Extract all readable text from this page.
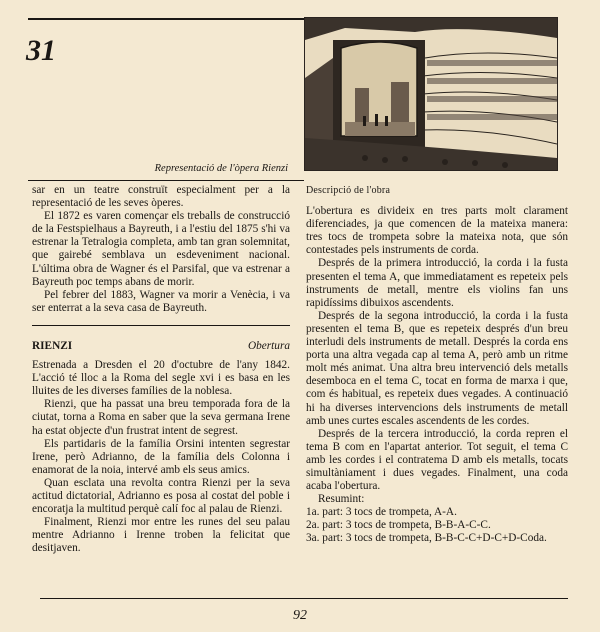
31
Representació de l'òpera Rienzi

sar en un teatre construït especialment per a la representació de les seves òperes.

El 1872 es varen començar els treballs de construcció de la Festspielhaus a Bayreuth, i a l'estiu del 1875 s'hi va estrenar la Tetralogia completa, amb tan gran solemnitat, que gairebé semblava un esdeveniment nacional. L'última obra de Wagner és el Parsifal, que va estrenar a Bayreuth poc temps abans de morir.

Pel febrer del 1883, Wagner va morir a Venècia, i va ser enterrat a la seva casa de Bayreuth.

RIENZI	Obertura

Estrenada a Dresden el 20 d'octubre de l'any 1842. L'acció té lloc a la Roma del segle xvi i es basa en les lluites de les diverses famílies de la noblesa.

Rienzi, que ha passat una breu temporada fora de la ciutat, torna a Roma en saber que la seva germana Irene ha estat objecte d'un frustrat intent de segrest.

Els partidaris de la família Orsini intenten segrestar Irene, però Adrianno, de la família dels Colonna i enamorat de la noia, intervé amb els seus amics.

Quan esclata una revolta contra Rienzi per la seva actitud dictatorial, Adrianno es posa al costat del poble i encoratja la multitud perquè calí foc al palau de Rienzi.

Finalment, Rienzi mor entre les runes del seu palau mentre Adrianno i Irenne troben la felicitat que desitjaven.

Descripció de l'obra

L'obertura es divideix en tres parts molt clarament diferenciades, ja que comencen de la mateixa manera: tres tocs de trompeta sobre la mateixa nota, que són contestades pels instruments de corda.

Després de la primera introducció, la corda i la fusta presenten el tema A, que immediatament es repeteix pels instruments de metall, mentre els violins fan uns rapidíssims dibuixos ascendents.

Després de la segona introducció, la corda i la fusta presenten el tema B, que es repeteix després d'un breu interludi dels instruments de metall. Després la corda ens porta una altra vegada cap al tema A, però amb un ritme molt més animat. Una altra breu intervenció dels metalls desemboca en el tema C, tocat en forma de marxa i que, com és habitual, es repeteix dues vegades. A continuació hi ha diverses intervencions dels instruments de metall amb unes curtes escales ascendents de les cordes.

Després de la tercera introducció, la corda repren el tema B com en l'apartat anterior. Tot seguit, el tema C amb les cordes i el contratema D amb els metalls, tocats simultàniament i dues vegades. Finalment, una coda acaba l'obertura.

Resumint:

1a. part: 3 tocs de trompeta, A-A.

2a. part: 3 tocs de trompeta, B-B-A-C-C.

3a. part: 3 tocs de trompeta, B-B-C-C+D-C+D-Coda.

92
